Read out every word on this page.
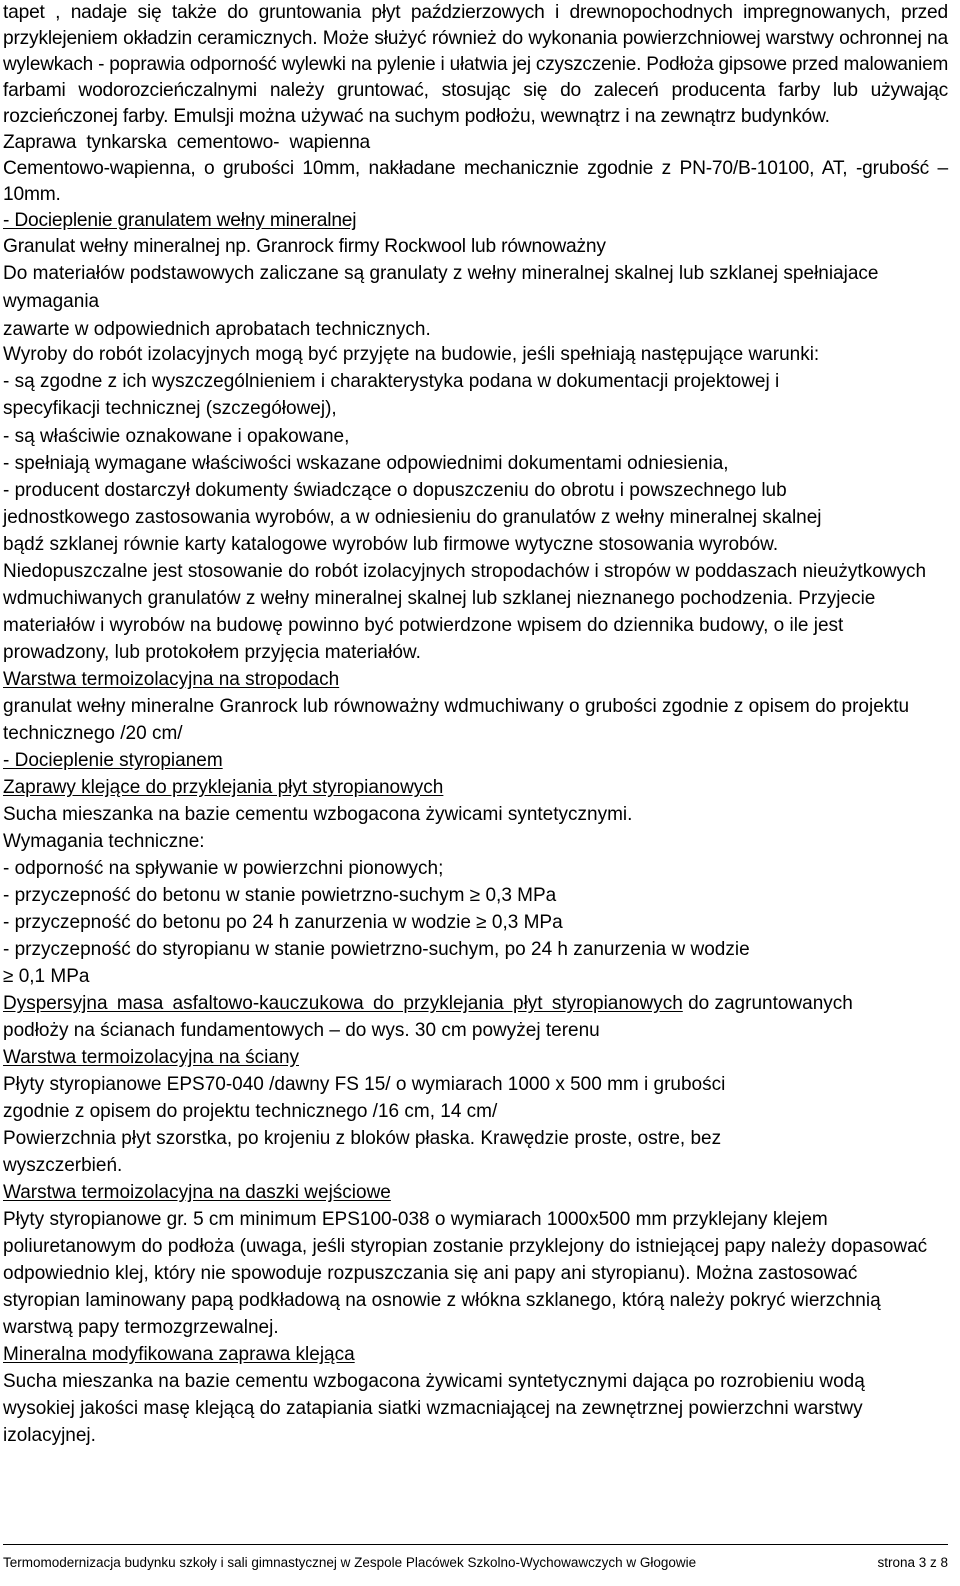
tapet , nadaje się także do gruntowania płyt paździerzowych i drewnopochodnych impregnowanych, przed
przyklejeniem okładzin ceramicznych. Może służyć również do wykonania powierzchniowej warstwy ochronnej na
wylewkach - poprawia odporność wylewki na pylenie i ułatwia jej czyszczenie. Podłoża gipsowe przed malowaniem
farbami wodorozcieńczalnymi należy gruntować, stosując się do zaleceń producenta farby lub używając
rozcieńczonej farby. Emulsji można używać na suchym podłożu, wewnątrz i na zewnątrz budynków.
Zaprawa tynkarska cementowo- wapienna
Cementowo-wapienna, o grubości 10mm, nakładane mechanicznie zgodnie z PN-70/B-10100, AT, -grubość –
10mm.
- Docieplenie granulatem wełny mineralnej
Granulat wełny mineralnej np. Granrock firmy Rockwool lub równoważny
Do materiałów podstawowych zaliczane są granulaty z wełny mineralnej skalnej lub szklanej spełniajace
wymagania
zawarte w odpowiednich aprobatach technicznych.
Wyroby do robót izolacyjnych mogą być przyjęte na budowie, jeśli spełniają następujące warunki:
- są zgodne z ich wyszczególnieniem i charakterystyka podana w dokumentacji projektowej i
specyfikacji technicznej (szczegółowej),
- są właściwie oznakowane i opakowane,
- spełniają wymagane właściwości wskazane odpowiednimi dokumentami odniesienia,
- producent dostarczył dokumenty świadczące o dopuszczeniu do obrotu i powszechnego lub
jednostkowego zastosowania wyrobów, a w odniesieniu do granulatów z wełny mineralnej skalnej
bądź szklanej równie karty katalogowe wyrobów lub firmowe wytyczne stosowania wyrobów.
Niedopuszczalne jest stosowanie do robót izolacyjnych stropodachów i stropów w poddaszach nieużytkowych
wdmuchiwanych granulatów z wełny mineralnej skalnej lub szklanej nieznanego pochodzenia. Przyjecie
materiałów i wyrobów na budowę powinno być potwierdzone wpisem do dziennika budowy, o ile jest
prowadzony, lub protokołem przyjęcia materiałów.
Warstwa termoizolacyjna na stropodach
granulat wełny mineralne Granrock lub równoważny wdmuchiwany o grubości zgodnie z opisem do projektu
technicznego /20 cm/
- Docieplenie styropianem
Zaprawy klejące do przyklejania płyt styropianowych
Sucha mieszanka na bazie cementu wzbogacona żywicami syntetycznymi.
Wymagania techniczne:
- odporność na spływanie w powierzchni pionowych;
- przyczepność do betonu w stanie powietrzno-suchym ≥ 0,3 MPa
- przyczepność do betonu po 24 h zanurzenia w wodzie ≥ 0,3 MPa
- przyczepność do styropianu w stanie powietrzno-suchym, po 24 h zanurzenia w wodzie
≥ 0,1 MPa
Dyspersyjna masa asfaltowo-kauczukowa do przyklejania płyt styropianowych do zagruntowanych
podłoży na ścianach fundamentowych – do wys. 30 cm powyżej terenu
Warstwa termoizolacyjna na ściany
Płyty styropianowe EPS70-040 /dawny FS 15/ o wymiarach 1000 x 500 mm i grubości
zgodnie z opisem do projektu technicznego /16 cm, 14 cm/
Powierzchnia płyt szorstka, po krojeniu z bloków płaska. Krawędzie proste, ostre, bez
wyszczerbień.
Warstwa termoizolacyjna na daszki wejściowe
Płyty styropianowe gr. 5 cm minimum EPS100-038 o wymiarach 1000x500 mm przyklejany klejem
poliuretanowym do podłoża (uwaga, jeśli styropian zostanie przyklejony do istniejącej papy należy dopasować
odpowiednio klej, który nie spowoduje rozpuszczania się ani papy ani styropianu). Można zastosować
styropian laminowany papą podkładową na osnowie z włókna szklanego, którą należy pokryć wierzchnią
warstwą papy termozgrzewalnej.
Mineralna modyfikowana zaprawa klejąca
Sucha mieszanka na bazie cementu wzbogacona żywicami syntetycznymi dająca po rozrobieniu wodą
wysokiej jakości masę klejącą do zatapiania siatki wzmacniającej na zewnętrznej powierzchni warstwy
izolacyjnej.
Termomodernizacja budynku szkoły i sali gimnastycznej w Zespole Placówek Szkolno-Wychowawczych w Głogowie	strona 3 z 8
